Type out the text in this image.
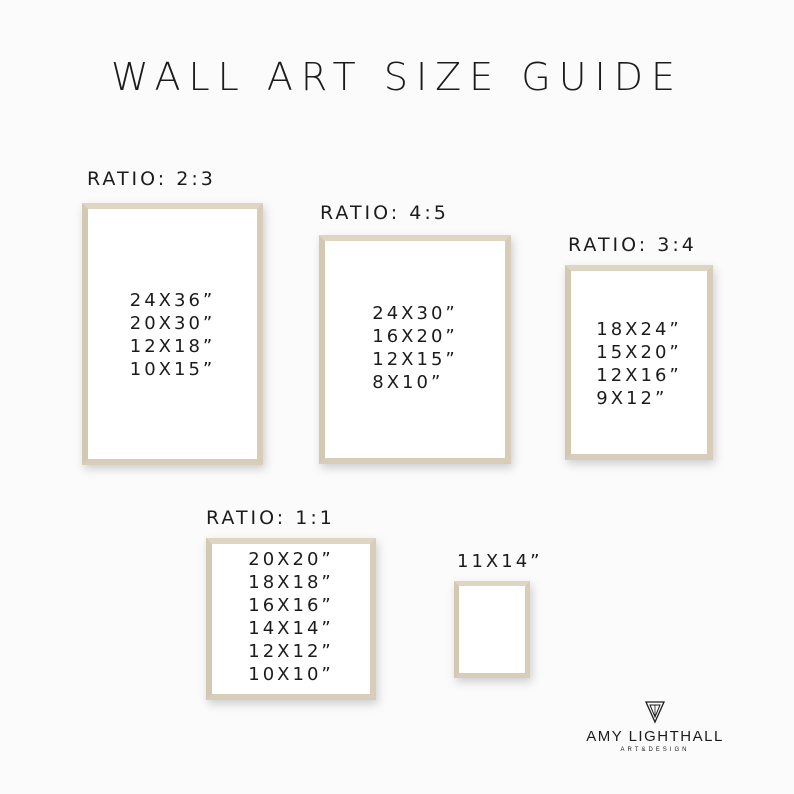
WALL ART SIZE GUIDE
RATIO: 2:3
24X36”
20X30”
12X18”
10X15”
RATIO: 4:5
24X30”
16X20”
12X15”
8X10”
RATIO: 3:4
18X24”
15X20”
12X16”
9X12”
RATIO: 1:1
20X20”
18X18”
16X16”
14X14”
12X12”
10X10”
11X14”
AMY LIGHTHALL
ART&DESIGN
